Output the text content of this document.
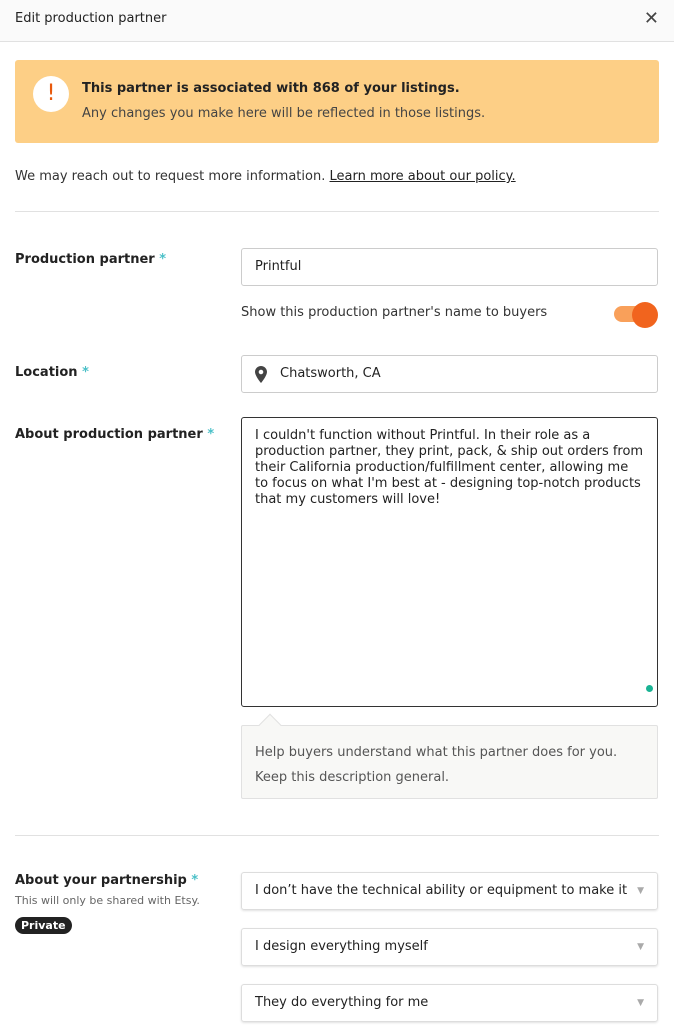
Edit production partner	✕
!	This partner is associated with 868 of your listings.
Any changes you make here will be reflected in those listings.
We may reach out to request more information. Learn more about our policy.
Production partner *	Printful
Show this production partner's name to buyers
Location *	Chatsworth, CA
About production partner *	I couldn't function without Printful. In their role as a production partner, they print, pack, & ship out orders from their California production/fulfillment center, allowing me to focus on what I'm best at - designing top-notch products that my customers will love!
Help buyers understand what this partner does for you.
Keep this description general.
About your partnership *
This will only be shared with Etsy.
Private
I don’t have the technical ability or equipment to make it ▼
I design everything myself	▼
They do everything for me	▼
